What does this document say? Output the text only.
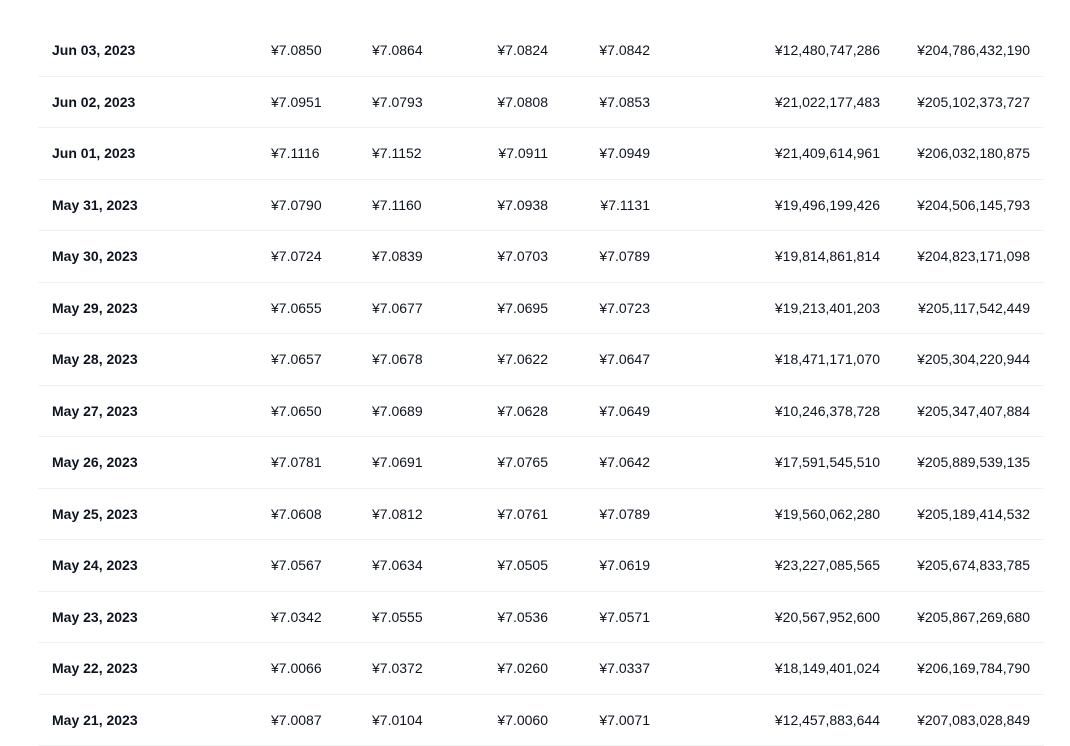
Jun 03, 2023	¥7.0850	¥7.0864	¥7.0824	¥7.0842	¥12,480,747,286	¥204,786,432,190
Jun 02, 2023	¥7.0951	¥7.0793	¥7.0808	¥7.0853	¥21,022,177,483	¥205,102,373,727
Jun 01, 2023	¥7.1116	¥7.1152	¥7.0911	¥7.0949	¥21,409,614,961	¥206,032,180,875
May 31, 2023	¥7.0790	¥7.1160	¥7.0938	¥7.1131	¥19,496,199,426	¥204,506,145,793
May 30, 2023	¥7.0724	¥7.0839	¥7.0703	¥7.0789	¥19,814,861,814	¥204,823,171,098
May 29, 2023	¥7.0655	¥7.0677	¥7.0695	¥7.0723	¥19,213,401,203	¥205,117,542,449
May 28, 2023	¥7.0657	¥7.0678	¥7.0622	¥7.0647	¥18,471,171,070	¥205,304,220,944
May 27, 2023	¥7.0650	¥7.0689	¥7.0628	¥7.0649	¥10,246,378,728	¥205,347,407,884
May 26, 2023	¥7.0781	¥7.0691	¥7.0765	¥7.0642	¥17,591,545,510	¥205,889,539,135
May 25, 2023	¥7.0608	¥7.0812	¥7.0761	¥7.0789	¥19,560,062,280	¥205,189,414,532
May 24, 2023	¥7.0567	¥7.0634	¥7.0505	¥7.0619	¥23,227,085,565	¥205,674,833,785
May 23, 2023	¥7.0342	¥7.0555	¥7.0536	¥7.0571	¥20,567,952,600	¥205,867,269,680
May 22, 2023	¥7.0066	¥7.0372	¥7.0260	¥7.0337	¥18,149,401,024	¥206,169,784,790
May 21, 2023	¥7.0087	¥7.0104	¥7.0060	¥7.0071	¥12,457,883,644	¥207,083,028,849
